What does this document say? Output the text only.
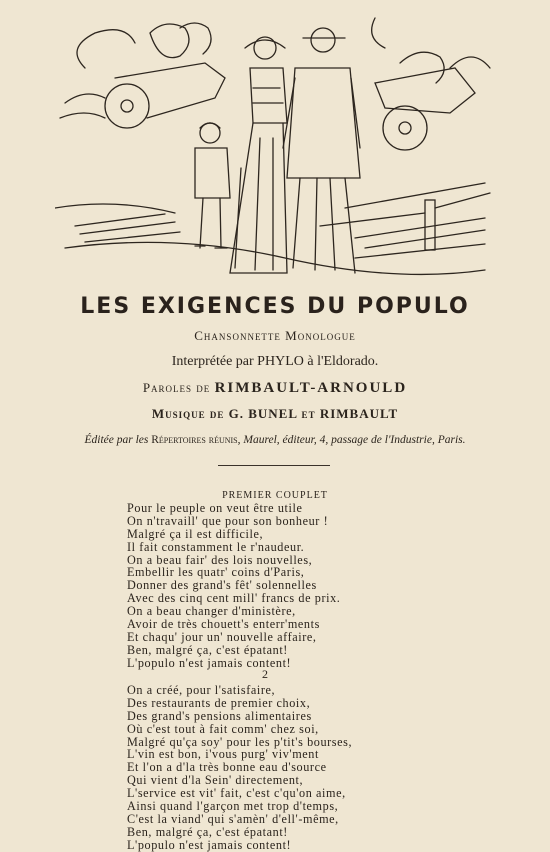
LES EXIGENCES DU POPULO
Chansonnette Monologue
Interprétée par PHYLO à l'Eldorado.
Paroles de RIMBAULT-ARNOULD
Musique de G. BUNEL et RIMBAULT
Éditée par les Répertoires réunis, Maurel, éditeur, 4, passage de l'Industrie, Paris.
PREMIER COUPLET
Pour le peuple on veut être utile
On n'travaill' que pour son bonheur !
Malgré ça il est difficile,
Il fait constamment le r'naudeur.
On a beau fair' des lois nouvelles,
Embellir les quatr' coins d'Paris,
Donner des grand's fêt' solennelles
Avec des cinq cent mill' francs de prix.
On a beau changer d'ministère,
Avoir de très chouett's enterr'ments
Et chaqu' jour un' nouvelle affaire,
Ben, malgré ça, c'est épatant!
L'populo n'est jamais content!
2
On a créé, pour l'satisfaire,
Des restaurants de premier choix,
Des grand's pensions alimentaires
Où c'est tout à fait comm' chez soi,
Malgré qu'ça soy' pour les p'tit's bourses,
L'vin est bon, i'vous purg' viv'ment
Et l'on a d'la très bonne eau d'source
Qui vient d'la Sein' directement,
L'service est vit' fait, c'est c'qu'on aime,
Ainsi quand l'garçon met trop d'temps,
C'est la viand' qui s'amèn' d'ell'-même,
Ben, malgré ça, c'est épatant!
L'populo n'est jamais content!
